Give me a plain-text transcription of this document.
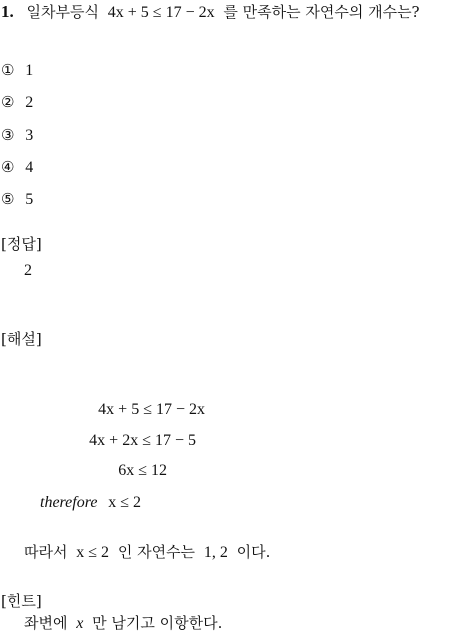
1. 일차부등식 4x + 5 ≤ 17 − 2x 를 만족하는 자연수의 개수는?
① 1
② 2
③ 3
④ 4
⑤ 5
[정답]
2
[해설]
4x + 5 ≤ 17 − 2x
4x + 2x ≤ 17 − 5
6x ≤ 12
therefore x ≤ 2
따라서 x ≤ 2 인 자연수는 1, 2 이다.
[힌트]
좌변에 x 만 남기고 이항한다.
